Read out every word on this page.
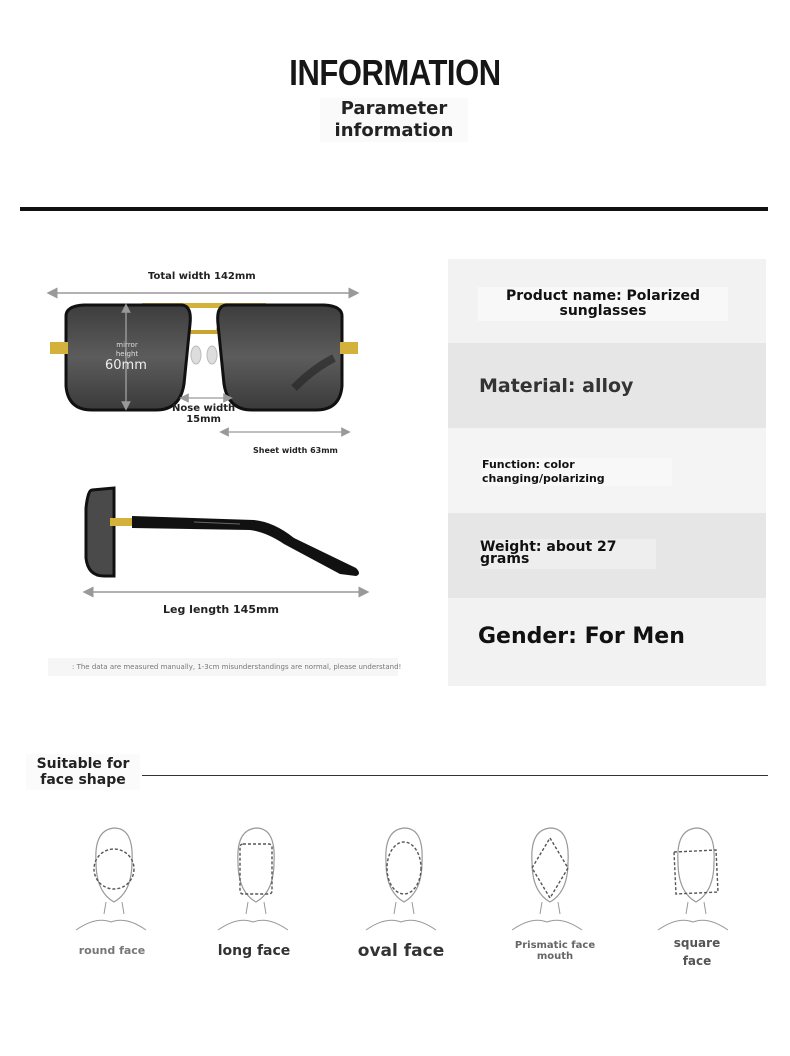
INFORMATION
Parameter
information
Total width 142mm
mirror
height
60mm
Nose width
15mm
Sheet width 63mm
Leg length 145mm
: The data are measured manually, 1-3cm misunderstandings are normal, please understand!
Product name: Polarized
sunglasses
Material: alloy
Function: color
changing/polarizing
Weight: about 27
grams
Gender: For Men
Suitable for
face shape
round face	long face	oval face	Prismatic face
mouth
square
face
